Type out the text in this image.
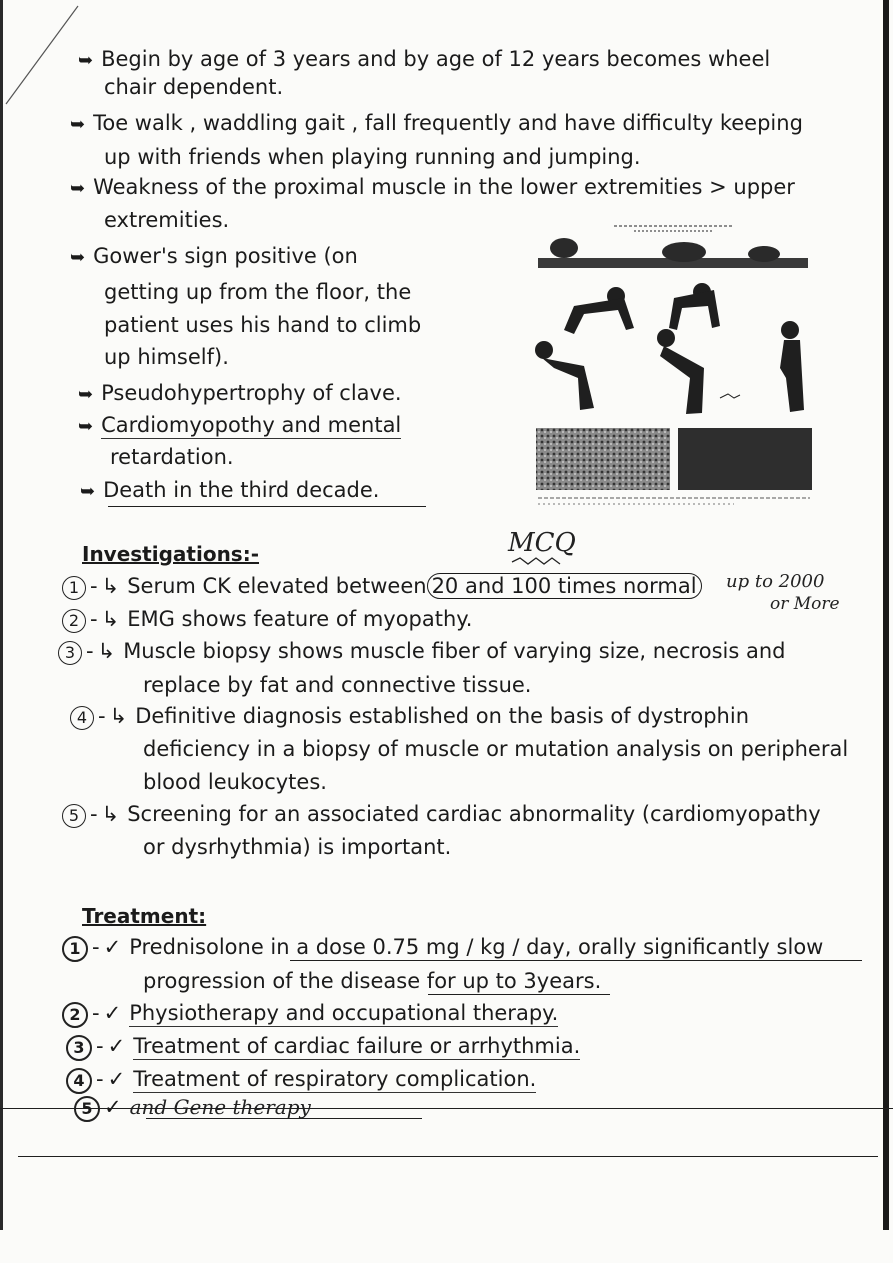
➥ Begin by age of 3 years and by age of 12 years becomes wheel
chair dependent.
➥ Toe walk , waddling gait , fall frequently and have difficulty keeping
up with friends when playing running and jumping.
➥ Weakness of the proximal muscle in the lower extremities > upper
extremities.
➥ Gower's sign positive (on
getting up from the floor, the
patient uses his hand to climb
up himself).
➥ Pseudohypertrophy of clave.
➥ Cardiomyopothy and mental
retardation.
➥ Death in the third decade.
Investigations:-	MCQ
1 - ↳ Serum CK elevated between 20 and 100 times normal up to 2000
or More
2 - ↳ EMG shows feature of myopathy.
3 - ↳ Muscle biopsy shows muscle fiber of varying size, necrosis and
replace by fat and connective tissue.
4 - ↳ Definitive diagnosis established on the basis of dystrophin
deficiency in a biopsy of muscle or mutation analysis on peripheral
blood leukocytes.
5 - ↳ Screening for an associated cardiac abnormality (cardiomyopathy
or dysrhythmia) is important.
Treatment:
1 - ✓ Prednisolone in a dose 0.75 mg / kg / day, orally significantly slow
progression of the disease for up to 3years.
2 - ✓ Physiotherapy and occupational therapy.
3 - ✓ Treatment of cardiac failure or arrhythmia.
4 - ✓ Treatment of respiratory complication.
5 ✓ and Gene therapy
